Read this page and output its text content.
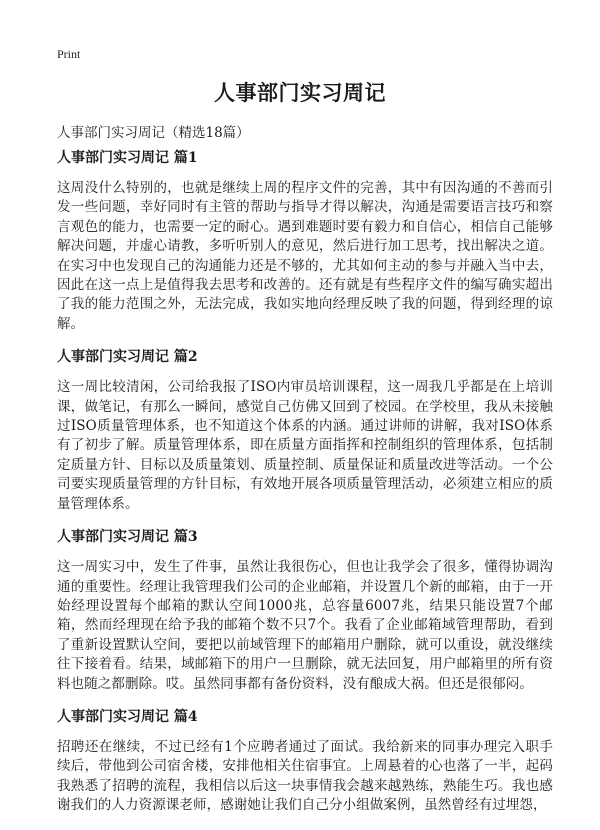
Print
人事部门实习周记
人事部门实习周记（精选18篇）
人事部门实习周记 篇1
这周没什么特别的，也就是继续上周的程序文件的完善，其中有因沟通的不善而引发一些问题，幸好同时有主管的帮助与指导才得以解决，沟通是需要语言技巧和察言观色的能力，也需要一定的耐心。遇到难题时要有毅力和自信心，相信自己能够解决问题，并虚心请教，多听听别人的意见，然后进行加工思考，找出解决之道。在实习中也发现自己的沟通能力还是不够的，尤其如何主动的参与并融入当中去，因此在这一点上是值得我去思考和改善的。还有就是有些程序文件的编写确实超出了我的能力范围之外，无法完成，我如实地向经理反映了我的问题，得到经理的谅解。
人事部门实习周记 篇2
这一周比较清闲，公司给我报了ISO内审员培训课程，这一周我几乎都是在上培训课，做笔记，有那么一瞬间，感觉自己仿佛又回到了校园。在学校里，我从未接触过ISO质量管理体系，也不知道这个体系的内涵。通过讲师的讲解，我对ISO体系有了初步了解。质量管理体系，即在质量方面指挥和控制组织的管理体系，包括制定质量方针、目标以及质量策划、质量控制、质量保证和质量改进等活动。一个公司要实现质量管理的方针目标，有效地开展各项质量管理活动，必须建立相应的质量管理体系。
人事部门实习周记 篇3
这一周实习中，发生了件事，虽然让我很伤心，但也让我学会了很多，懂得协调沟通的重要性。经理让我管理我们公司的企业邮箱，并设置几个新的邮箱，由于一开始经理设置每个邮箱的默认空间1000兆，总容量6007兆，结果只能设置7个邮箱，然而经理现在给予我的邮箱个数不只7个。我看了企业邮箱域管理帮助，看到了重新设置默认空间，要把以前域管理下的邮箱用户删除，就可以重设，就没继续往下接着看。结果，域邮箱下的用户一旦删除，就无法回复，用户邮箱里的所有资料也随之都删除。哎。虽然同事都有备份资料，没有酿成大祸。但还是很郁闷。
人事部门实习周记 篇4
招聘还在继续，不过已经有1个应聘者通过了面试。我给新来的同事办理完入职手续后，带他到公司宿舍楼，安排他相关住宿事宜。上周悬着的心也落了一半，起码我熟悉了招聘的流程，我相信以后这一块事情我会越来越熟练，熟能生巧。我也感谢我们的人力资源课老师，感谢她让我们自己分小组做案例，虽然曾经有过埋怨，
